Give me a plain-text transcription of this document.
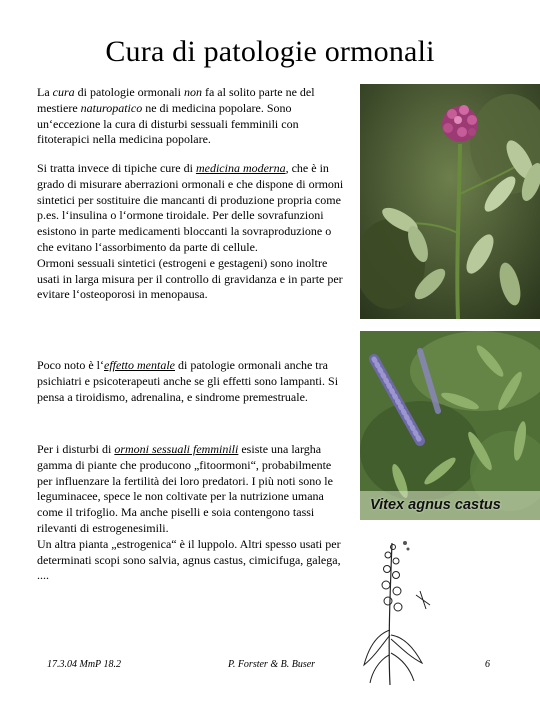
Cura di patologie ormonali

La cura di patologie ormonali non fa al solito parte ne del mestiere naturopatico ne di medicina popolare. Sono un‘eccezione la cura di disturbi sessuali femminili con fitoterapici nella medicina popolare.

Si tratta invece di tipiche cure di medicina moderna, che è in grado di misurare aberrazioni ormonali e che dispone di ormoni sintetici per sostituire die mancanti di produzione propria come p.es. l‘insulina o l‘ormone tiroidale. Per delle sovrafunzioni esistono in parte medicamenti bloccanti la sovraproduzione o che evitano l‘assorbimento da parte di cellule.

Ormoni sessuali sintetici (estrogeni e gestageni) sono inoltre usati in larga misura per il controllo di gravidanza e in parte per evitare l‘osteoporosi in menopausa.

Poco noto è l‘effetto mentale di patologie ormonali anche tra psichiatri e psicoterapeuti anche se gli effetti sono lampanti. Si pensa a tiroidismo, adrenalina, e sindrome premestruale.

Per i disturbi di ormoni sessuali femminili esiste una largha gamma di piante che producono „fitoormoni“, probabilmente per influenzare la fertilità dei loro predatori. I più noti sono le leguminacee, spece le non coltivate per la nutrizione umana come il trifoglio. Ma anche piselli e soia contengono tassi rilevanti di estrogenesimili.

Un altra pianta „estrogenica“ è il luppolo. Altri spesso usati per determinati scopi sono salvia, agnus castus, cimicifuga, galega, ....

Vitex agnus castus
17.3.04 MmP 18.2	P. Forster & B. Buser	6
